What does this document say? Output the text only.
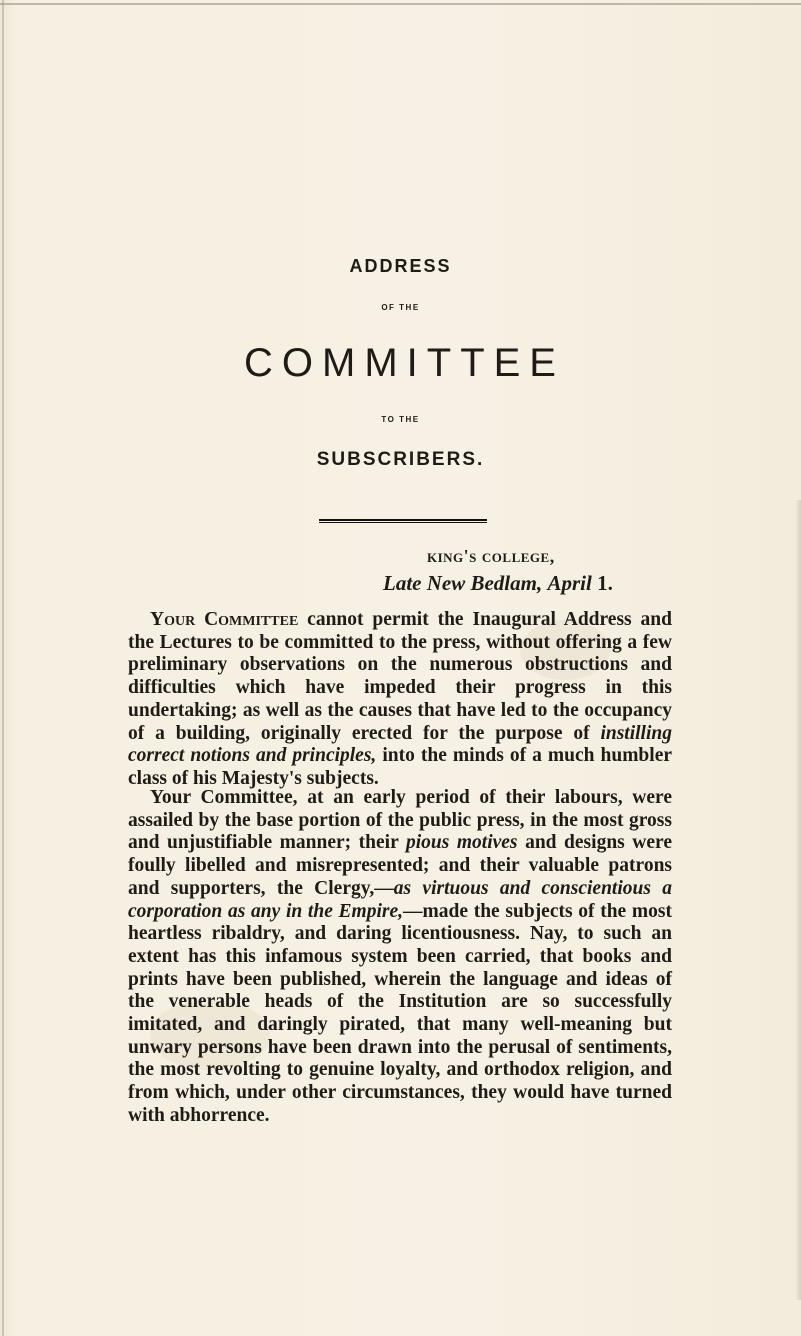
ADDRESS
OF THE
COMMITTEE
TO THE
SUBSCRIBERS.
king's college,
Late New Bedlam, April 1.

Your Committee cannot permit the Inaugural Address and the Lectures to be committed to the press, without offering a few preliminary observations on the numerous obstructions and difficulties which have impeded their progress in this undertaking; as well as the causes that have led to the occupancy of a building, originally erected for the purpose of instilling correct notions and principles, into the minds of a much humbler class of his Majesty's subjects.

Your Committee, at an early period of their labours, were assailed by the base portion of the public press, in the most gross and unjustifiable manner; their pious motives and designs were foully libelled and misrepresented; and their valuable patrons and supporters, the Clergy,—as virtuous and conscientious a corporation as any in the Empire,—made the subjects of the most heartless ribaldry, and daring licentiousness. Nay, to such an extent has this infamous system been carried, that books and prints have been published, wherein the language and ideas of the venerable heads of the Institution are so successfully imitated, and daringly pirated, that many well-meaning but unwary persons have been drawn into the perusal of sentiments, the most revolting to genuine loyalty, and orthodox religion, and from which, under other circumstances, they would have turned with abhorrence.
